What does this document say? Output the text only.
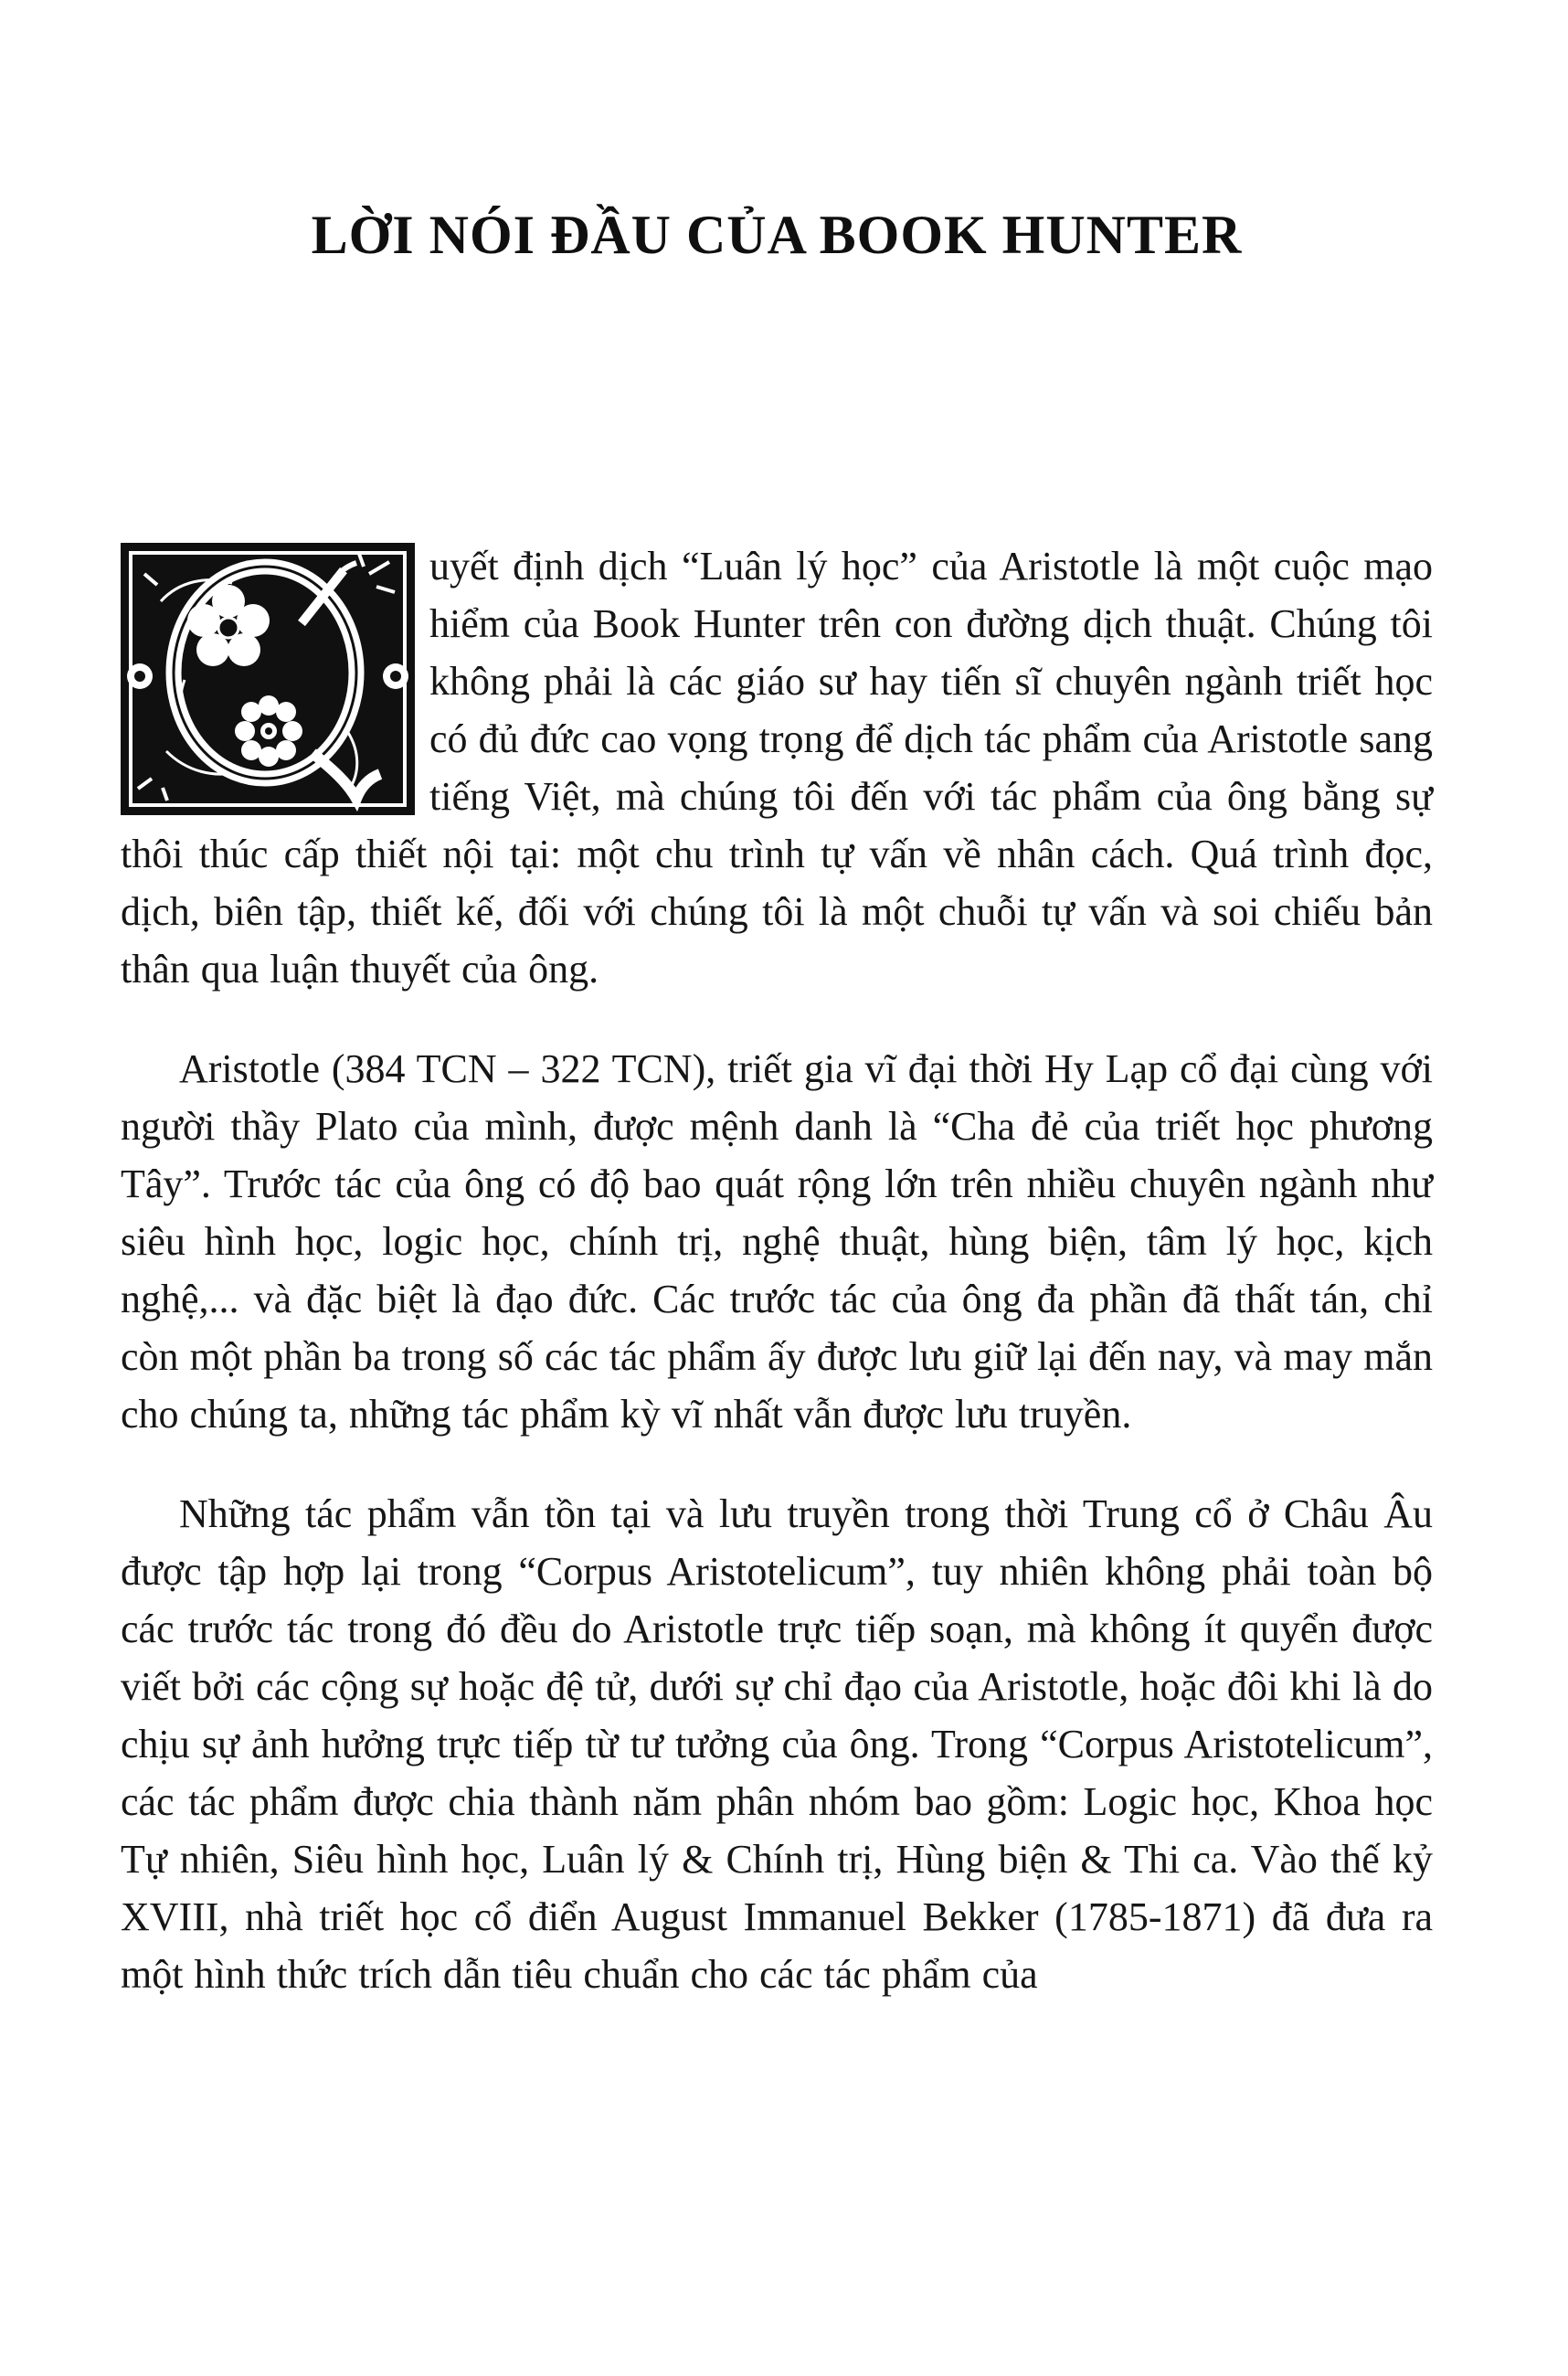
LỜI NÓI ĐẦU CỦA BOOK HUNTER

uyết định dịch “Luân lý học” của Aristotle là một cuộc mạo hiểm của Book Hunter trên con đường dịch thuật. Chúng tôi không phải là các giáo sư hay tiến sĩ chuyên ngành triết học có đủ đức cao vọng trọng để dịch tác phẩm của Aristotle sang tiếng Việt, mà chúng tôi đến với tác phẩm của ông bằng sự thôi thúc cấp thiết nội tại: một chu trình tự vấn về nhân cách. Quá trình đọc, dịch, biên tập, thiết kế, đối với chúng tôi là một chuỗi tự vấn và soi chiếu bản thân qua luận thuyết của ông.

Aristotle (384 TCN – 322 TCN), triết gia vĩ đại thời Hy Lạp cổ đại cùng với người thầy Plato của mình, được mệnh danh là “Cha đẻ của triết học phương Tây”. Trước tác của ông có độ bao quát rộng lớn trên nhiều chuyên ngành như siêu hình học, logic học, chính trị, nghệ thuật, hùng biện, tâm lý học, kịch nghệ,... và đặc biệt là đạo đức. Các trước tác của ông đa phần đã thất tán, chỉ còn một phần ba trong số các tác phẩm ấy được lưu giữ lại đến nay, và may mắn cho chúng ta, những tác phẩm kỳ vĩ nhất vẫn được lưu truyền.

Những tác phẩm vẫn tồn tại và lưu truyền trong thời Trung cổ ở Châu Âu được tập hợp lại trong “Corpus Aristotelicum”, tuy nhiên không phải toàn bộ các trước tác trong đó đều do Aristotle trực tiếp soạn, mà không ít quyển được viết bởi các cộng sự hoặc đệ tử, dưới sự chỉ đạo của Aristotle, hoặc đôi khi là do chịu sự ảnh hưởng trực tiếp từ tư tưởng của ông. Trong “Corpus Aristotelicum”, các tác phẩm được chia thành năm phân nhóm bao gồm: Logic học, Khoa học Tự nhiên, Siêu hình học, Luân lý & Chính trị, Hùng biện & Thi ca. Vào thế kỷ XVIII, nhà triết học cổ điển August Immanuel Bekker (1785-1871) đã đưa ra một hình thức trích dẫn tiêu chuẩn cho các tác phẩm của
